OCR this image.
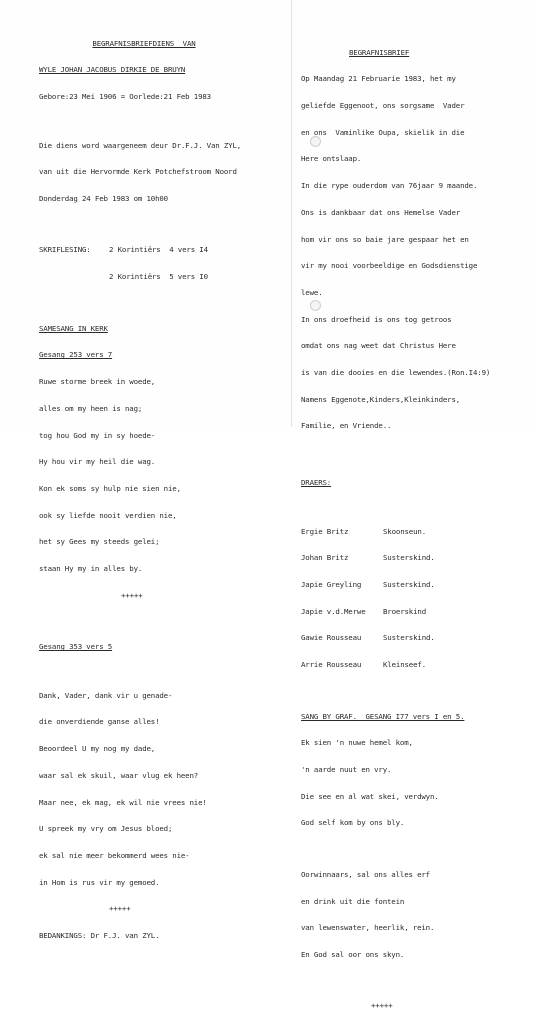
BEGRAFNISBRIEFDIENS  VAN

WYLE JOHAN JACOBUS DIRKIE DE BRUYN

Gebore:23 Mei 1906 = Oorlede:21 Feb 1983

Die diens word waargeneem deur Dr.F.J. Van ZYL,

van uit die Hervormde Kerk Potchefstroom Noord

Donderdag 24 Feb 1983 om 10h00

SKRIFLESING:	2 Korintiërs  4 vers I4

2 Korintiërs  5 vers I0

SAMESANG IN KERK

Gesang 253 vers 7

Ruwe storme breek in woede,

alles om my heen is nag;

tog hou God my in sy hoede-

Hy hou vir my heil die wag.

Kon ek soms sy hulp nie sien nie,

ook sy liefde nooit verdien nie,

het sy Gees my steeds gelei;

staan Hy my in alles by.

+++++

Gesang 353 vers 5

Dank, Vader, dank vir u genade-

die onverdiende ganse alles!

Beoordeel U my nog my dade,

waar sal ek skuil, waar vlug ek heen?

Maar nee, ek mag, ek wil nie vrees nie!

U spreek my vry om Jesus bloed;

ek sal nie meer bekommerd wees nie-

in Hom is rus vir my gemoed.

+++++

BEDANKINGS: Dr F.J. van ZYL.

BEGRAFNISBRIEF

Op Maandag 21 Februarie 1983, het my

geliefde Eggenoot, ons sorgsame  Vader

en ons  Vaminlike Oupa, skielik in die

Here ontslaap.

In die rype ouderdom van 76jaar 9 maande.

Ons is dankbaar dat ons Hemelse Vader

hom vir ons so baie jare gespaar het en

vir my nooi voorbeeldige en Godsdienstige

lewe.

In ons droefheid is ons tog getroos

omdat ons nag weet dat Christus Here

is van die dooies en die lewendes.(Ron.I4:9)

Namens Eggenote,Kinders,Kleinkinders,

Familie, en Vriende..

DRAERS:

Ergie Britz	Skoonseun.

Johan Britz	Susterskind.

Japie Greyling	Susterskind.

Japie v.d.Merwe	Broerskind

Gawie Rousseau	Susterskind.

Arrie Rousseau	Kleinseef.

SANG BY GRAF.  GESANG I77 vers I en 5.

Ek sien 'n nuwe hemel kom,

'n aarde nuut en vry.

Die see en al wat skei, verdwyn.

God self kom by ons bly.

Oorwinnaars, sal ons alles erf

en drink uit die fontein

van lewenswater, heerlik, rein.

En God sal oor ons skyn.

+++++
